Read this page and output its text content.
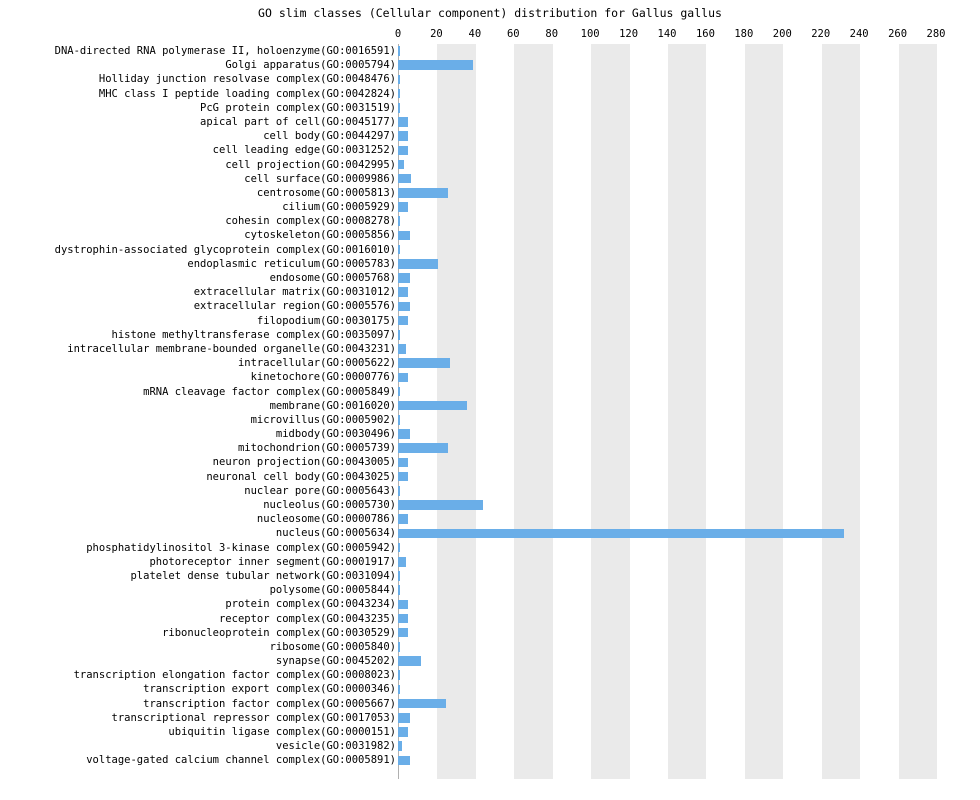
GO slim classes (Cellular component) distribution for Gallus gallus
0	20 40 60 80 100 120 140 160 180 200 220 240 260 280
DNA-directed RNA polymerase II, holoenzyme(GO:0016591)
Golgi apparatus(GO:0005794)
Holliday junction resolvase complex(GO:0048476)
MHC class I peptide loading complex(GO:0042824)
PcG protein complex(GO:0031519)
apical part of cell(GO:0045177)
cell body(GO:0044297)
cell leading edge(GO:0031252)
cell projection(GO:0042995)
cell surface(GO:0009986)
centrosome(GO:0005813)
cilium(GO:0005929)
cohesin complex(GO:0008278)
cytoskeleton(GO:0005856)
dystrophin-associated glycoprotein complex(GO:0016010)
endoplasmic reticulum(GO:0005783)
endosome(GO:0005768)
extracellular matrix(GO:0031012)
extracellular region(GO:0005576)
filopodium(GO:0030175)
histone methyltransferase complex(GO:0035097)
intracellular membrane-bounded organelle(GO:0043231)
intracellular(GO:0005622)
kinetochore(GO:0000776)
mRNA cleavage factor complex(GO:0005849)
membrane(GO:0016020)
microvillus(GO:0005902)
midbody(GO:0030496)
mitochondrion(GO:0005739)
neuron projection(GO:0043005)
neuronal cell body(GO:0043025)
nuclear pore(GO:0005643)
nucleolus(GO:0005730)
nucleosome(GO:0000786)
nucleus(GO:0005634)
phosphatidylinositol 3-kinase complex(GO:0005942)
photoreceptor inner segment(GO:0001917)
platelet dense tubular network(GO:0031094)
polysome(GO:0005844)
protein complex(GO:0043234)
receptor complex(GO:0043235)
ribonucleoprotein complex(GO:0030529)
ribosome(GO:0005840)
synapse(GO:0045202)
transcription elongation factor complex(GO:0008023)
transcription export complex(GO:0000346)
transcription factor complex(GO:0005667)
transcriptional repressor complex(GO:0017053)
ubiquitin ligase complex(GO:0000151)
vesicle(GO:0031982)
voltage-gated calcium channel complex(GO:0005891)
